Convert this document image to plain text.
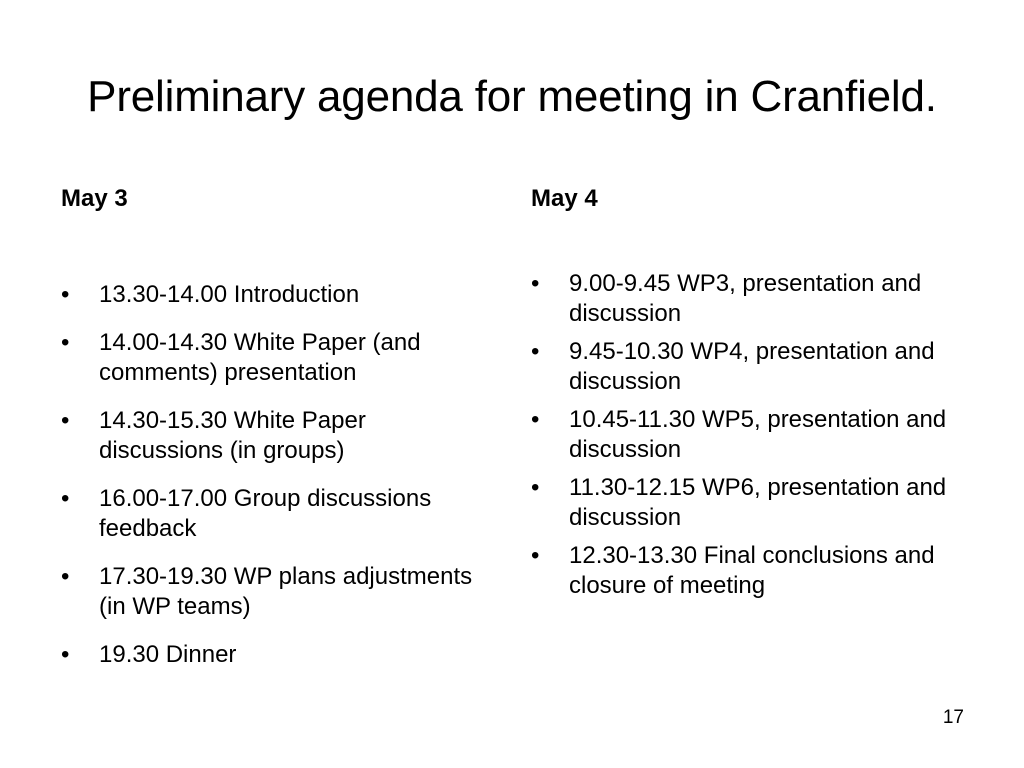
Preliminary agenda for meeting in Cranfield.
May 3	May 4
•	13.30-14.00 Introduction
•	14.00-14.30 White Paper (and comments) presentation
•	14.30-15.30 White Paper discussions (in groups)
•	16.00-17.00 Group discussions feedback
•	17.30-19.30 WP plans adjustments (in WP teams)
•	19.30 Dinner
•	9.00-9.45 WP3, presentation and discussion
•	9.45-10.30 WP4, presentation and discussion
•	10.45-11.30 WP5, presentation and discussion
•	11.30-12.15 WP6, presentation and discussion
•	12.30-13.30 Final conclusions and closure of meeting
17
